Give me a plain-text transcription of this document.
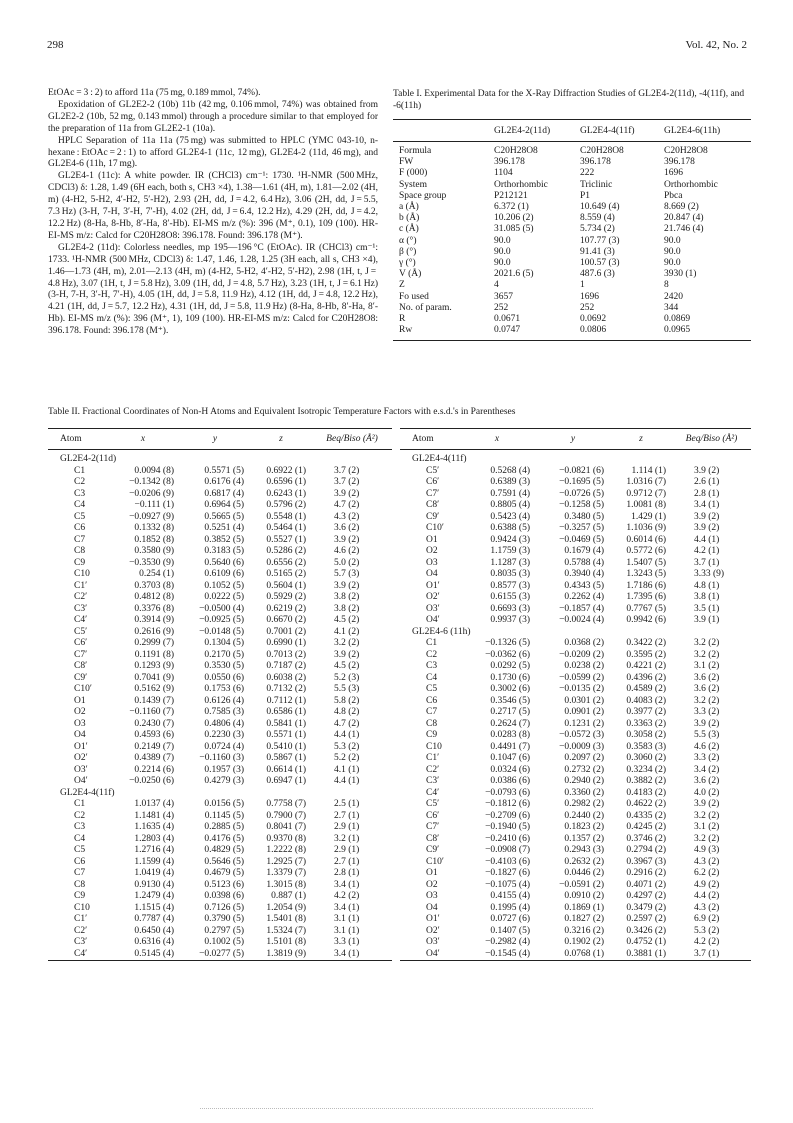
298	Vol. 42, No. 2

EtOAc = 3 : 2) to afford 11a (75 mg, 0.189 mmol, 74%).

Epoxidation of GL2E2-2 (10b) 11b (42 mg, 0.106 mmol, 74%) was obtained from GL2E2-2 (10b, 52 mg, 0.143 mmol) through a procedure similar to that employed for the preparation of 11a from GL2E2-1 (10a).

HPLC Separation of 11a 11a (75 mg) was submitted to HPLC (YMC 043-10, n-hexane : EtOAc = 2 : 1) to afford GL2E4-1 (11c, 12 mg), GL2E4-2 (11d, 46 mg), and GL2E4-6 (11h, 17 mg).

GL2E4-1 (11c): A white powder. IR (CHCl3) cm⁻¹: 1730. ¹H-NMR (500 MHz, CDCl3) δ: 1.28, 1.49 (6H each, both s, CH3 ×4), 1.38—1.61 (4H, m), 1.81—2.02 (4H, m) (4-H2, 5-H2, 4′-H2, 5′-H2), 2.93 (2H, dd, J = 4.2, 6.4 Hz), 3.06 (2H, dd, J = 5.5, 7.3 Hz) (3-H, 7-H, 3′-H, 7′-H), 4.02 (2H, dd, J = 6.4, 12.2 Hz), 4.29 (2H, dd, J = 4.2, 12.2 Hz) (8-Ha, 8-Hb, 8′-Ha, 8′-Hb). EI-MS m/z (%): 396 (M⁺, 0.1), 109 (100). HR-EI-MS m/z: Calcd for C20H28O8: 396.178. Found: 396.178 (M⁺).

GL2E4-2 (11d): Colorless needles, mp 195—196 °C (EtOAc). IR (CHCl3) cm⁻¹: 1733. ¹H-NMR (500 MHz, CDCl3) δ: 1.47, 1.46, 1.28, 1.25 (3H each, all s, CH3 ×4), 1.46—1.73 (4H, m), 2.01—2.13 (4H, m) (4-H2, 5-H2, 4′-H2, 5′-H2), 2.98 (1H, t, J = 4.8 Hz), 3.07 (1H, t, J = 5.8 Hz), 3.09 (1H, dd, J = 4.8, 5.7 Hz), 3.23 (1H, t, J = 6.1 Hz) (3-H, 7-H, 3′-H, 7′-H), 4.05 (1H, dd, J = 5.8, 11.9 Hz), 4.12 (1H, dd, J = 4.8, 12.2 Hz), 4.21 (1H, dd, J = 5.7, 12.2 Hz), 4.31 (1H, dd, J = 5.8, 11.9 Hz) (8-Ha, 8-Hb, 8′-Ha, 8′-Hb). EI-MS m/z (%): 396 (M⁺, 1), 109 (100). HR-EI-MS m/z: Calcd for C20H28O8: 396.178. Found: 396.178 (M⁺).

Table I. Experimental Data for the X-Ray Diffraction Studies of GL2E4-2(11d), -4(11f), and -6(11h)
	GL2E4-2(11d)	GL2E4-4(11f)	GL2E4-6(11h)
Formula	C20H28O8	C20H28O8	C20H28O8
FW	396.178	396.178	396.178
F (000)	1104	222	1696
System	Orthorhombic	Triclinic	Orthorhombic
Space group	P212121	P1	Pbca
a (Å)	6.372 (1)	10.649 (4)	8.669 (2)
b (Å)	10.206 (2)	8.559 (4)	20.847 (4)
c (Å)	31.085 (5)	5.734 (2)	21.746 (4)
α (°)	90.0	107.77 (3)	90.0
β (°)	90.0	91.41 (3)	90.0
γ (°)	90.0	100.57 (3)	90.0
V (Å)	2021.6 (5)	487.6 (3)	3930 (1)
Z	4	1	8
Fo used	3657	1696	2420
No. of param.	252	252	344
R	0.0671	0.0692	0.0869
Rw	0.0747	0.0806	0.0965
Table II. Fractional Coordinates of Non-H Atoms and Equivalent Isotropic Temperature Factors with e.s.d.'s in Parentheses
Atom	x	y	z	Beq/Biso (Å²)
GL2E4-2(11d)				
C1	0.0094 (8)	0.5571 (5)	0.6922 (1)	3.7 (2)
C2	−0.1342 (8)	0.6176 (4)	0.6596 (1)	3.7 (2)
C3	−0.0206 (9)	0.6817 (4)	0.6243 (1)	3.9 (2)
C4	−0.111 (1)	0.6964 (5)	0.5796 (2)	4.7 (2)
C5	−0.0927 (9)	0.5665 (5)	0.5548 (1)	4.3 (2)
C6	0.1332 (8)	0.5251 (4)	0.5464 (1)	3.6 (2)
C7	0.1852 (8)	0.3852 (5)	0.5527 (1)	3.9 (2)
C8	0.3580 (9)	0.3183 (5)	0.5286 (2)	4.6 (2)
C9	−0.3530 (9)	0.5640 (6)	0.6556 (2)	5.0 (2)
C10	0.254 (1)	0.6109 (6)	0.5165 (2)	5.7 (3)
C1′	0.3703 (8)	0.1052 (5)	0.5604 (1)	3.9 (2)
C2′	0.4812 (8)	0.0222 (5)	0.5929 (2)	3.8 (2)
C3′	0.3376 (8)	−0.0500 (4)	0.6219 (2)	3.8 (2)
C4′	0.3914 (9)	−0.0925 (5)	0.6670 (2)	4.5 (2)
C5′	0.2616 (9)	−0.0148 (5)	0.7001 (2)	4.1 (2)
C6′	0.2999 (7)	0.1304 (5)	0.6990 (1)	3.2 (2)
C7′	0.1191 (8)	0.2170 (5)	0.7013 (2)	3.9 (2)
C8′	0.1293 (9)	0.3530 (5)	0.7187 (2)	4.5 (2)
C9′	0.7041 (9)	0.0550 (6)	0.6038 (2)	5.2 (3)
C10′	0.5162 (9)	0.1753 (6)	0.7132 (2)	5.5 (3)
O1	0.1439 (7)	0.6126 (4)	0.7112 (1)	5.8 (2)
O2	−0.1160 (7)	0.7585 (3)	0.6586 (1)	4.8 (2)
O3	0.2430 (7)	0.4806 (4)	0.5841 (1)	4.7 (2)
O4	0.4593 (6)	0.2230 (3)	0.5571 (1)	4.4 (1)
O1′	0.2149 (7)	0.0724 (4)	0.5410 (1)	5.3 (2)
O2′	0.4389 (7)	−0.1160 (3)	0.5867 (1)	5.2 (2)
O3′	0.2214 (6)	0.1957 (3)	0.6614 (1)	4.1 (1)
O4′	−0.0250 (6)	0.4279 (3)	0.6947 (1)	4.4 (1)
GL2E4-4(11f)				
C1	1.0137 (4)	0.0156 (5)	0.7758 (7)	2.5 (1)
C2	1.1481 (4)	0.1145 (5)	0.7900 (7)	2.7 (1)
C3	1.1635 (4)	0.2885 (5)	0.8041 (7)	2.9 (1)
C4	1.2803 (4)	0.4176 (5)	0.9370 (8)	3.2 (1)
C5	1.2716 (4)	0.4829 (5)	1.2222 (8)	2.9 (1)
C6	1.1599 (4)	0.5646 (5)	1.2925 (7)	2.7 (1)
C7	1.0419 (4)	0.4679 (5)	1.3379 (7)	2.8 (1)
C8	0.9130 (4)	0.5123 (6)	1.3015 (8)	3.4 (1)
C9	1.2479 (4)	0.0398 (6)	0.887 (1)	4.2 (2)
C10	1.1515 (4)	0.7126 (5)	1.2054 (9)	3.4 (1)
C1′	0.7787 (4)	0.3790 (5)	1.5401 (8)	3.1 (1)
C2′	0.6450 (4)	0.2797 (5)	1.5324 (7)	3.1 (1)
C3′	0.6316 (4)	0.1002 (5)	1.5101 (8)	3.3 (1)
C4′	0.5145 (4)	−0.0277 (5)	1.3819 (9)	3.4 (1)
Atom	x	y	z	Beq/Biso (Å²)
GL2E4-4(11f)				
C5′	0.5268 (4)	−0.0821 (6)	1.114 (1)	3.9 (2)
C6′	0.6389 (3)	−0.1695 (5)	1.0316 (7)	2.6 (1)
C7′	0.7591 (4)	−0.0726 (5)	0.9712 (7)	2.8 (1)
C8′	0.8805 (4)	−0.1258 (5)	1.0081 (8)	3.4 (1)
C9′	0.5423 (4)	0.3480 (5)	1.429 (1)	3.9 (2)
C10′	0.6388 (5)	−0.3257 (5)	1.1036 (9)	3.9 (2)
O1	0.9424 (3)	−0.0469 (5)	0.6014 (6)	4.4 (1)
O2	1.1759 (3)	0.1679 (4)	0.5772 (6)	4.2 (1)
O3	1.1287 (3)	0.5788 (4)	1.5407 (5)	3.7 (1)
O4	0.8035 (3)	0.3940 (4)	1.3243 (5)	3.33 (9)
O1′	0.8577 (3)	0.4343 (5)	1.7186 (6)	4.8 (1)
O2′	0.6155 (3)	0.2262 (4)	1.7395 (6)	3.8 (1)
O3′	0.6693 (3)	−0.1857 (4)	0.7767 (5)	3.5 (1)
O4′	0.9937 (3)	−0.0024 (4)	0.9942 (6)	3.9 (1)
GL2E4-6 (11h)				
C1	−0.1326 (5)	0.0368 (2)	0.3422 (2)	3.2 (2)
C2	−0.0362 (6)	−0.0209 (2)	0.3595 (2)	3.2 (2)
C3	0.0292 (5)	0.0238 (2)	0.4221 (2)	3.1 (2)
C4	0.1730 (6)	−0.0599 (2)	0.4396 (2)	3.6 (2)
C5	0.3002 (6)	−0.0135 (2)	0.4589 (2)	3.6 (2)
C6	0.3546 (5)	0.0301 (2)	0.4083 (2)	3.2 (2)
C7	0.2717 (5)	0.0901 (2)	0.3977 (2)	3.3 (2)
C8	0.2624 (7)	0.1231 (2)	0.3363 (2)	3.9 (2)
C9	0.0283 (8)	−0.0572 (3)	0.3058 (2)	5.5 (3)
C10	0.4491 (7)	−0.0009 (3)	0.3583 (3)	4.6 (2)
C1′	0.1047 (6)	0.2097 (2)	0.3060 (2)	3.3 (2)
C2′	0.0324 (6)	0.2732 (2)	0.3234 (2)	3.4 (2)
C3′	0.0386 (6)	0.2940 (2)	0.3882 (2)	3.6 (2)
C4′	−0.0793 (6)	0.3360 (2)	0.4183 (2)	4.0 (2)
C5′	−0.1812 (6)	0.2982 (2)	0.4622 (2)	3.9 (2)
C6′	−0.2709 (6)	0.2440 (2)	0.4335 (2)	3.2 (2)
C7′	−0.1940 (5)	0.1823 (2)	0.4245 (2)	3.1 (2)
C8′	−0.2410 (6)	0.1357 (2)	0.3746 (2)	3.2 (2)
C9′	−0.0908 (7)	0.2943 (3)	0.2794 (2)	4.9 (3)
C10′	−0.4103 (6)	0.2632 (2)	0.3967 (3)	4.3 (2)
O1	−0.1827 (6)	0.0446 (2)	0.2916 (2)	6.2 (2)
O2	−0.1075 (4)	−0.0591 (2)	0.4071 (2)	4.9 (2)
O3	0.4155 (4)	0.0910 (2)	0.4297 (2)	4.4 (2)
O4	0.1995 (4)	0.1869 (1)	0.3479 (2)	4.3 (2)
O1′	0.0727 (6)	0.1827 (2)	0.2597 (2)	6.9 (2)
O2′	0.1407 (5)	0.3216 (2)	0.3426 (2)	5.3 (2)
O3′	−0.2982 (4)	0.1902 (2)	0.4752 (1)	4.2 (2)
O4′	−0.1545 (4)	0.0768 (1)	0.3881 (1)	3.7 (1)
